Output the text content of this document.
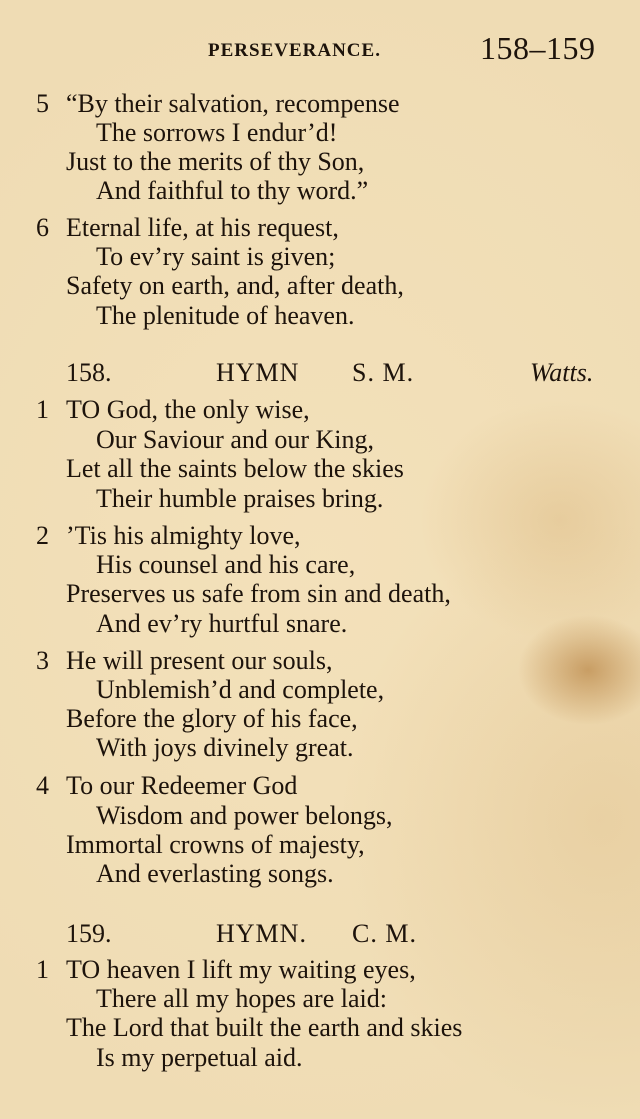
PERSEVERANCE.	158–159
5 “By their salvation, recompense
The sorrows I endur’d!
Just to the merits of thy Son,
And faithful to thy word.”
6 Eternal life, at his request,
To ev’ry saint is given;
Safety on earth, and, after death,
The plenitude of heaven.
158.	HYMN S. M.	Watts.
1 TO God, the only wise,
Our Saviour and our King,
Let all the saints below the skies
Their humble praises bring.
2 ’Tis his almighty love,
His counsel and his care,
Preserves us safe from sin and death,
And ev’ry hurtful snare.
3 He will present our souls,
Unblemish’d and complete,
Before the glory of his face,
With joys divinely great.
4 To our Redeemer God
Wisdom and power belongs,
Immortal crowns of majesty,
And everlasting songs.
159.	HYMN. C. M.
1 TO heaven I lift my waiting eyes,
There all my hopes are laid:
The Lord that built the earth and skies
Is my perpetual aid.
